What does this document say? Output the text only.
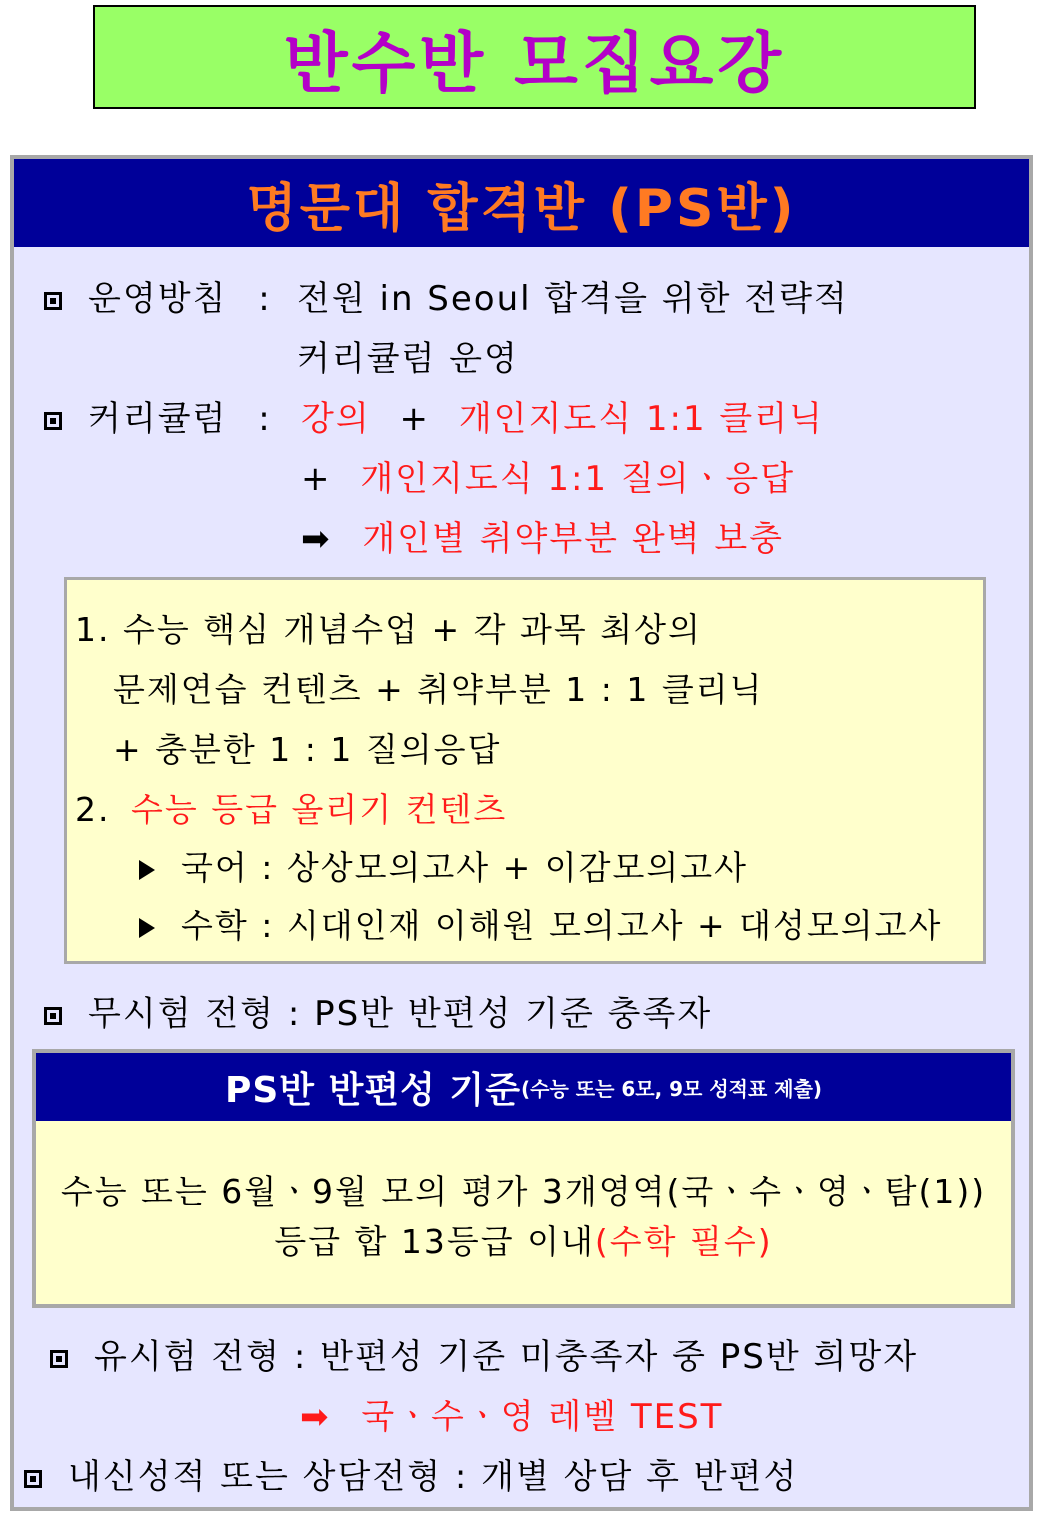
반수반 모집요강
명문대 합격반 (PS반)
운영방침 : 전원 in Seoul 합격을 위한 전략적
커리큘럼 운영
커리큘럼 : 강의 + 개인지도식 1:1 클리닉
+ 개인지도식 1:1 질의ㆍ응답
➡ 개인별 취약부분 완벽 보충
1. 수능 핵심 개념수업 + 각 과목 최상의
문제연습 컨텐츠 + 취약부분 1 : 1 클리닉
+ 충분한 1 : 1 질의응답
2. 수능 등급 올리기 컨텐츠
국어 : 상상모의고사 + 이감모의고사
수학 : 시대인재 이해원 모의고사 + 대성모의고사
무시험 전형 : PS반 반편성 기준 충족자
PS반 반편성 기준 (수능 또는 6모, 9모 성적표 제출)
수능 또는 6월ㆍ9월 모의 평가 3개영역(국ㆍ수ㆍ영ㆍ탐(1))
등급 합 13등급 이내(수학 필수)
유시험 전형 : 반편성 기준 미충족자 중 PS반 희망자
➡ 국ㆍ수ㆍ영 레벨 TEST
내신성적 또는 상담전형 : 개별 상담 후 반편성
